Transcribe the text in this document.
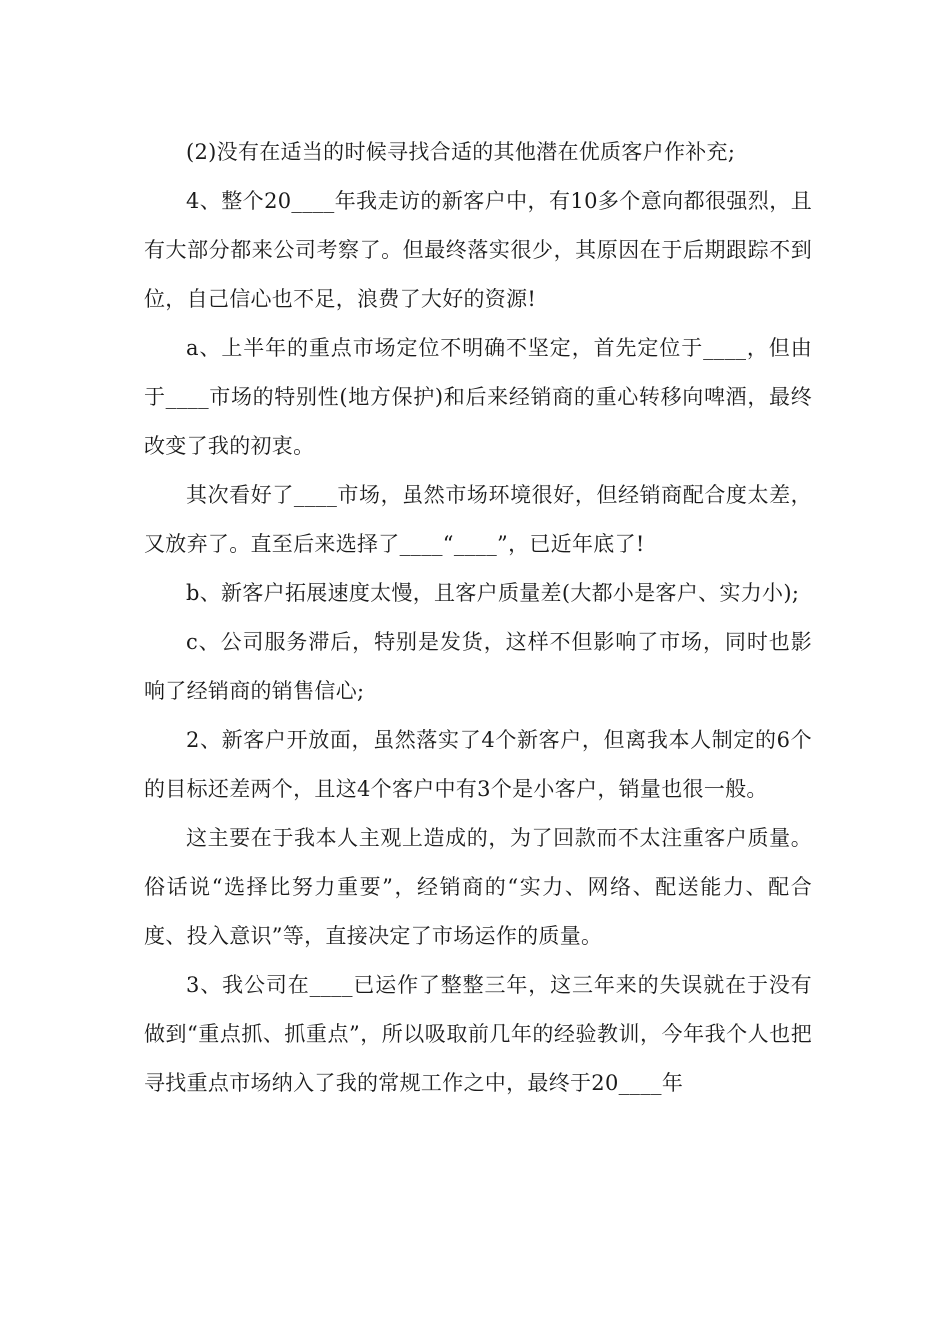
(2)没有在适当的时候寻找合适的其他潜在优质客户作补充;

4、整个20____年我走访的新客户中，有10多个意向都很强烈，且有大部分都来公司考察了。但最终落实很少，其原因在于后期跟踪不到位，自己信心也不足，浪费了大好的资源!

a、上半年的重点市场定位不明确不坚定，首先定位于____，但由于____市场的特别性(地方保护)和后来经销商的重心转移向啤酒，最终改变了我的初衷。

其次看好了____市场，虽然市场环境很好，但经销商配合度太差，又放弃了。直至后来选择了____“____”，已近年底了!

b、新客户拓展速度太慢，且客户质量差(大都小是客户、实力小);

c、公司服务滞后，特别是发货，这样不但影响了市场，同时也影响了经销商的销售信心;

2、新客户开放面，虽然落实了4个新客户，但离我本人制定的6个的目标还差两个，且这4个客户中有3个是小客户，销量也很一般。

这主要在于我本人主观上造成的，为了回款而不太注重客户质量。俗话说“选择比努力重要”，经销商的“实力、网络、配送能力、配合度、投入意识”等，直接决定了市场运作的质量。

3、我公司在____已运作了整整三年，这三年来的失误就在于没有做到“重点抓、抓重点”，所以吸取前几年的经验教训，今年我个人也把寻找重点市场纳入了我的常规工作之中，最终于20____年
